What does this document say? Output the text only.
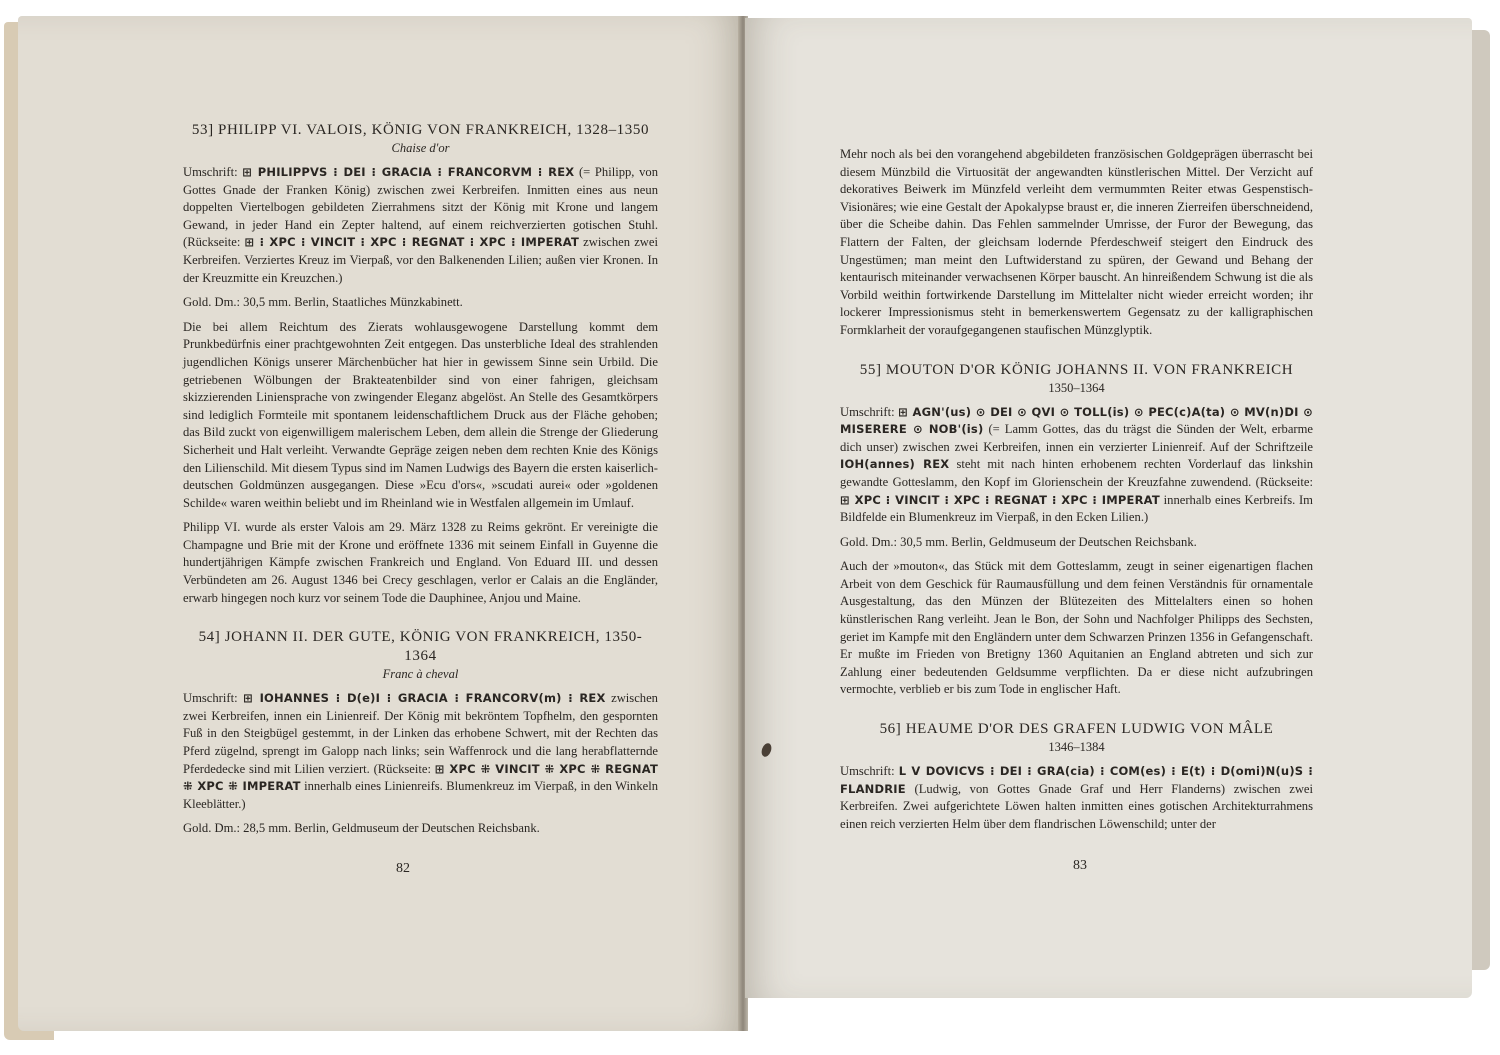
53] PHILIPP VI. VALOIS, KÖNIG VON FRANKREICH, 1328–1350
Chaise d'or
Umschrift: ⊞ PHILIPPVS ⁝ DEI ⁝ GRACIA ⁝ FRANCORVM ⁝ REX (= Philipp, von Gottes Gnade der Franken König) zwischen zwei Kerbreifen. Inmitten eines aus neun doppelten Viertelbogen gebildeten Zierrahmens sitzt der König mit Krone und langem Gewand, in jeder Hand ein Zepter haltend, auf einem reichverzierten gotischen Stuhl. (Rückseite: ⊞ ⁝ XPC ⁝ VINCIT ⁝ XPC ⁝ REGNAT ⁝ XPC ⁝ IMPERAT zwischen zwei Kerbreifen. Verziertes Kreuz im Vierpaß, vor den Balkenenden Lilien; außen vier Kronen. In der Kreuzmitte ein Kreuzchen.)
Gold. Dm.: 30,5 mm. Berlin, Staatliches Münzkabinett.
Die bei allem Reichtum des Zierats wohlausgewogene Darstellung kommt dem Prunkbedürfnis einer prachtgewohnten Zeit entgegen. Das unsterbliche Ideal des strahlenden jugendlichen Königs unserer Märchenbücher hat hier in gewissem Sinne sein Urbild. Die getriebenen Wölbungen der Brakteatenbilder sind von einer fahrigen, gleichsam skizzierenden Liniensprache von zwingender Eleganz abgelöst. An Stelle des Gesamtkörpers sind lediglich Formteile mit spontanem leidenschaftlichem Druck aus der Fläche gehoben; das Bild zuckt von eigenwilligem malerischem Leben, dem allein die Strenge der Gliederung Sicherheit und Halt verleiht. Verwandte Gepräge zeigen neben dem rechten Knie des Königs den Lilienschild. Mit diesem Typus sind im Namen Ludwigs des Bayern die ersten kaiserlich-deutschen Goldmünzen ausgegangen. Diese »Ecu d'ors«, »scudati aurei« oder »goldenen Schilde« waren weithin beliebt und im Rheinland wie in Westfalen allgemein im Umlauf.
Philipp VI. wurde als erster Valois am 29. März 1328 zu Reims gekrönt. Er vereinigte die Champagne und Brie mit der Krone und eröffnete 1336 mit seinem Einfall in Guyenne die hundertjährigen Kämpfe zwischen Frankreich und England. Von Eduard III. und dessen Verbündeten am 26. August 1346 bei Crecy geschlagen, verlor er Calais an die Engländer, erwarb hingegen noch kurz vor seinem Tode die Dauphinee, Anjou und Maine.
54] JOHANN II. DER GUTE, KÖNIG VON FRANKREICH, 1350-1364
Franc à cheval
Umschrift: ⊞ IOHANNES ⁝ D(e)I ⁝ GRACIA ⁝ FRANCORV(m) ⁝ REX zwischen zwei Kerbreifen, innen ein Linienreif. Der König mit bekröntem Topfhelm, den gespornten Fuß in den Steigbügel gestemmt, in der Linken das erhobene Schwert, mit der Rechten das Pferd zügelnd, sprengt im Galopp nach links; sein Waffenrock und die lang herabflatternde Pferdedecke sind mit Lilien verziert. (Rückseite: ⊞ XPC ⁜ VINCIT ⁜ XPC ⁜ REGNAT ⁜ XPC ⁜ IMPERAT innerhalb eines Linienreifs. Blumenkreuz im Vierpaß, in den Winkeln Kleeblätter.)
Gold. Dm.: 28,5 mm. Berlin, Geldmuseum der Deutschen Reichsbank.
82
Mehr noch als bei den vorangehend abgebildeten französischen Goldgeprägen überrascht bei diesem Münzbild die Virtuosität der angewandten künstlerischen Mittel. Der Verzicht auf dekoratives Beiwerk im Münzfeld verleiht dem vermummten Reiter etwas Gespenstisch-Visionäres; wie eine Gestalt der Apokalypse braust er, die inneren Zierreifen überschneidend, über die Scheibe dahin. Das Fehlen sammelnder Umrisse, der Furor der Bewegung, das Flattern der Falten, der gleichsam lodernde Pferdeschweif steigert den Eindruck des Ungestümen; man meint den Luftwiderstand zu spüren, der Gewand und Behang der kentaurisch miteinander verwachsenen Körper bauscht. An hinreißendem Schwung ist die als Vorbild weithin fortwirkende Darstellung im Mittelalter nicht wieder erreicht worden; ihr lockerer Impressionismus steht in bemerkenswertem Gegensatz zu der kalligraphischen Formklarheit der voraufgegangenen staufischen Münzglyptik.
55] MOUTON D'OR KÖNIG JOHANNS II. VON FRANKREICH
1350–1364
Umschrift: ⊞ AGN'(us) ⊙ DEI ⊙ QVI ⊙ TOLL(is) ⊙ PEC(c)A(ta) ⊙ MV(n)DI ⊙ MISERERE ⊙ NOB'(is) (= Lamm Gottes, das du trägst die Sünden der Welt, erbarme dich unser) zwischen zwei Kerbreifen, innen ein verzierter Linienreif. Auf der Schriftzeile IOH(annes) REX steht mit nach hinten erhobenem rechten Vorderlauf das linkshin gewandte Gotteslamm, den Kopf im Glorienschein der Kreuzfahne zuwendend. (Rückseite: ⊞ XPC ⁝ VINCIT ⁝ XPC ⁝ REGNAT ⁝ XPC ⁝ IMPERAT innerhalb eines Kerbreifs. Im Bildfelde ein Blumenkreuz im Vierpaß, in den Ecken Lilien.)
Gold. Dm.: 30,5 mm. Berlin, Geldmuseum der Deutschen Reichsbank.
Auch der »mouton«, das Stück mit dem Gotteslamm, zeugt in seiner eigenartigen flachen Arbeit von dem Geschick für Raumausfüllung und dem feinen Verständnis für ornamentale Ausgestaltung, das den Münzen der Blütezeiten des Mittelalters einen so hohen künstlerischen Rang verleiht. Jean le Bon, der Sohn und Nachfolger Philipps des Sechsten, geriet im Kampfe mit den Engländern unter dem Schwarzen Prinzen 1356 in Gefangenschaft. Er mußte im Frieden von Bretigny 1360 Aquitanien an England abtreten und sich zur Zahlung einer bedeutenden Geldsumme verpflichten. Da er diese nicht aufzubringen vermochte, verblieb er bis zum Tode in englischer Haft.
56] HEAUME D'OR DES GRAFEN LUDWIG VON MÂLE
1346–1384
Umschrift: L V DOVICVS ⁝ DEI ⁝ GRA(cia) ⁝ COM(es) ⁝ E(t) ⁝ D(omi)N(u)S ⁝ FLANDRIE (Ludwig, von Gottes Gnade Graf und Herr Flanderns) zwischen zwei Kerbreifen. Zwei aufgerichtete Löwen halten inmitten eines gotischen Architekturrahmens einen reich verzierten Helm über dem flandrischen Löwenschild; unter der
83
